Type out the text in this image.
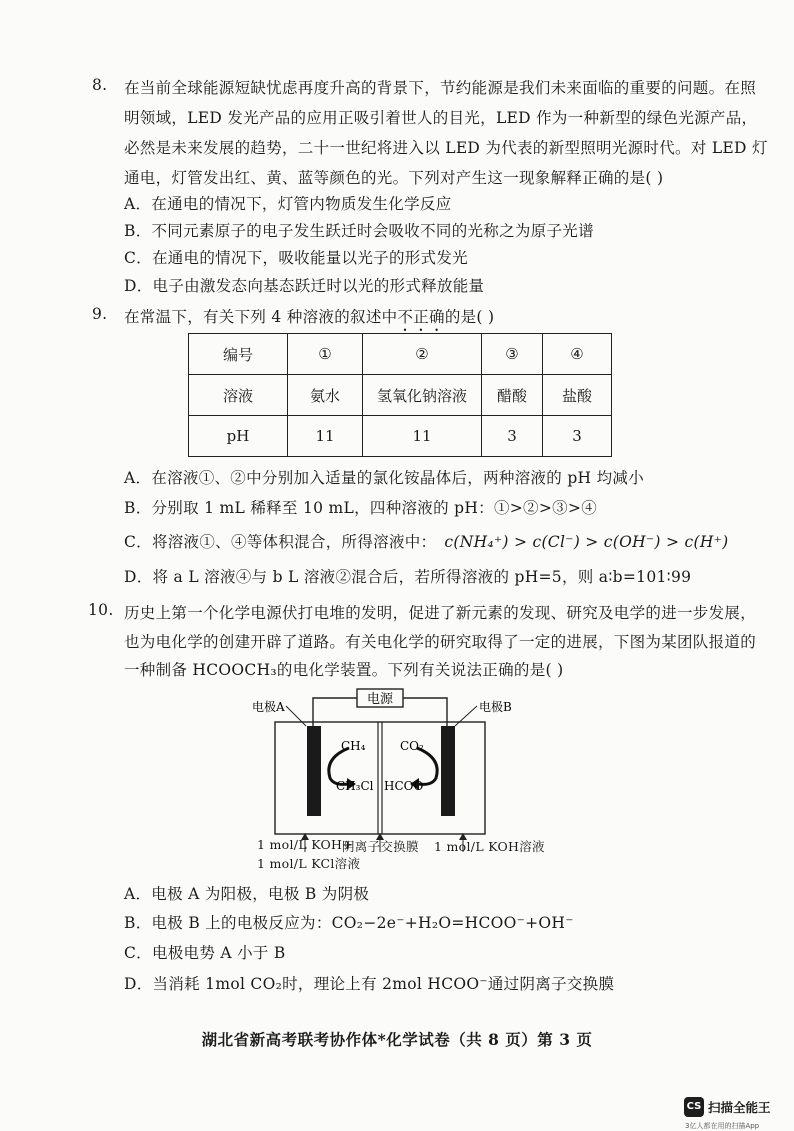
8. 在当前全球能源短缺忧虑再度升高的背景下，节约能源是我们未来面临的重要的问题。在照
明领域，LED 发光产品的应用正吸引着世人的目光，LED 作为一种新型的绿色光源产品，
必然是未来发展的趋势，二十一世纪将进入以 LED 为代表的新型照明光源时代。对 LED 灯
通电，灯管发出红、黄、蓝等颜色的光。下列对产生这一现象解释正确的是( )
A．在通电的情况下，灯管内物质发生化学反应
B．不同元素原子的电子发生跃迁时会吸收不同的光称之为原子光谱
C．在通电的情况下，吸收能量以光子的形式发光
D．电子由激发态向基态跃迁时以光的形式释放能量
9. 在常温下，有关下列 4 种溶液的叙述中不正确的是( )
编号	①	②	③	④
溶液	氨水	氢氧化钠溶液	醋酸	盐酸
pH	11	11	3	3
A．在溶液①、②中分别加入适量的氯化铵晶体后，两种溶液的 pH 均减小
B．分别取 1 mL 稀释至 10 mL，四种溶液的 pH：①>②>③>④
C．将溶液①、④等体积混合，所得溶液中： c(NH₄⁺) > c(Cl⁻) > c(OH⁻) > c(H⁺)
D．将 a L 溶液④与 b L 溶液②混合后，若所得溶液的 pH=5，则 a∶b=101∶99
10. 历史上第一个化学电源伏打电堆的发明，促进了新元素的发现、研究及电学的进一步发展，
也为电化学的创建开辟了道路。有关电化学的研究取得了一定的进展，下图为某团队报道的
一种制备 HCOOCH₃的电化学装置。下列有关说法正确的是( )
电源
电极A	电极B
CH₄
CH₃Cl
CO₂
HCOO⁻
1 mol/L KOH+
1 mol/L KCl溶液
阴离子交换膜 1 mol/L KOH溶液
A．电极 A 为阳极，电极 B 为阴极
B．电极 B 上的电极反应为：CO₂−2e⁻+H₂O=HCOO⁻+OH⁻
C．电极电势 A 小于 B
D．当消耗 1mol CO₂时，理论上有 2mol HCOO⁻通过阴离子交换膜
湖北省新高考联考协作体*化学试卷（共 8 页）第 3 页
CS 扫描全能王
3亿人都在用的扫描App
